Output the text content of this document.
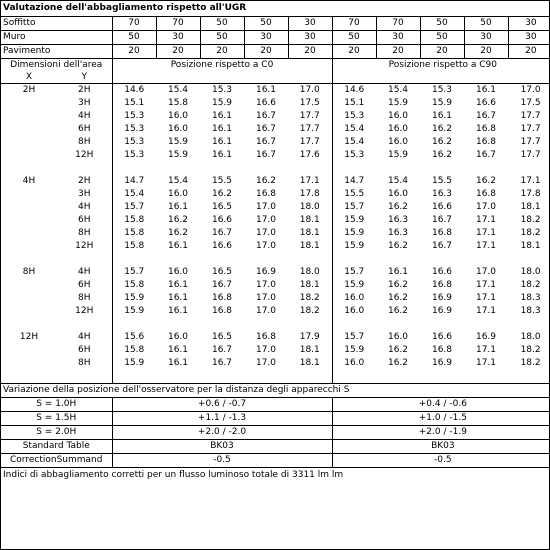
Valutazione dell'abbagliamento rispetto all'UGR											
Soffitto		70	70	50	50	30	70	70	50	50	30
Muro		50	30	50	30	30	50	30	50	30	30
Pavimento		20	20	20	20	20	20	20	20	20	20
Dimensioni dell'area		Posizione rispetto a C0					Posizione rispetto a C90				
X	Y										
2H	2H	14.6	15.4	15.3	16.1	17.0	14.6	15.4	15.3	16.1	17.0
	3H	15.1	15.8	15.9	16.6	17.5	15.1	15.9	15.9	16.6	17.5
	4H	15.3	16.0	16.1	16.7	17.7	15.3	16.0	16.1	16.7	17.7
	6H	15.3	16.0	16.1	16.7	17.7	15.4	16.0	16.2	16.8	17.7
	8H	15.3	15.9	16.1	16.7	17.7	15.4	16.0	16.2	16.8	17.7
	12H	15.3	15.9	16.1	16.7	17.6	15.3	15.9	16.2	16.7	17.7

4H	2H	14.7	15.4	15.5	16.2	17.1	14.7	15.4	15.5	16.2	17.1
	3H	15.4	16.0	16.2	16.8	17.8	15.5	16.0	16.3	16.8	17.8
	4H	15.7	16.1	16.5	17.0	18.0	15.7	16.2	16.6	17.0	18.1
	6H	15.8	16.2	16.6	17.0	18.1	15.9	16.3	16.7	17.1	18.2
	8H	15.8	16.2	16.7	17.0	18.1	15.9	16.3	16.8	17.1	18.2
	12H	15.8	16.1	16.6	17.0	18.1	15.9	16.2	16.7	17.1	18.1

8H	4H	15.7	16.0	16.5	16.9	18.0	15.7	16.1	16.6	17.0	18.0
	6H	15.8	16.1	16.7	17.0	18.1	15.9	16.2	16.8	17.1	18.2
	8H	15.9	16.1	16.8	17.0	18.2	16.0	16.2	16.9	17.1	18.3
	12H	15.9	16.1	16.8	17.0	18.2	16.0	16.2	16.9	17.1	18.3

12H	4H	15.6	16.0	16.5	16.8	17.9	15.7	16.0	16.6	16.9	18.0
	6H	15.8	16.1	16.7	17.0	18.1	15.9	16.2	16.8	17.1	18.2
	8H	15.9	16.1	16.7	17.0	18.1	16.0	16.2	16.9	17.1	18.2

Variazione della posizione dell'osservatore per la distanza degli apparecchi S											
S = 1.0H		+0.6 / -0.7					+0.4 / -0.6				
S = 1.5H		+1.1 / -1.3					+1.0 / -1.5				
S = 2.0H		+2.0 / -2.0					+2.0 / -1.9				
Standard Table		BK03					BK03				
CorrectionSummand		-0.5					-0.5				
Indici di abbagliamento corretti per un flusso luminoso totale di 3311 lm lm											
